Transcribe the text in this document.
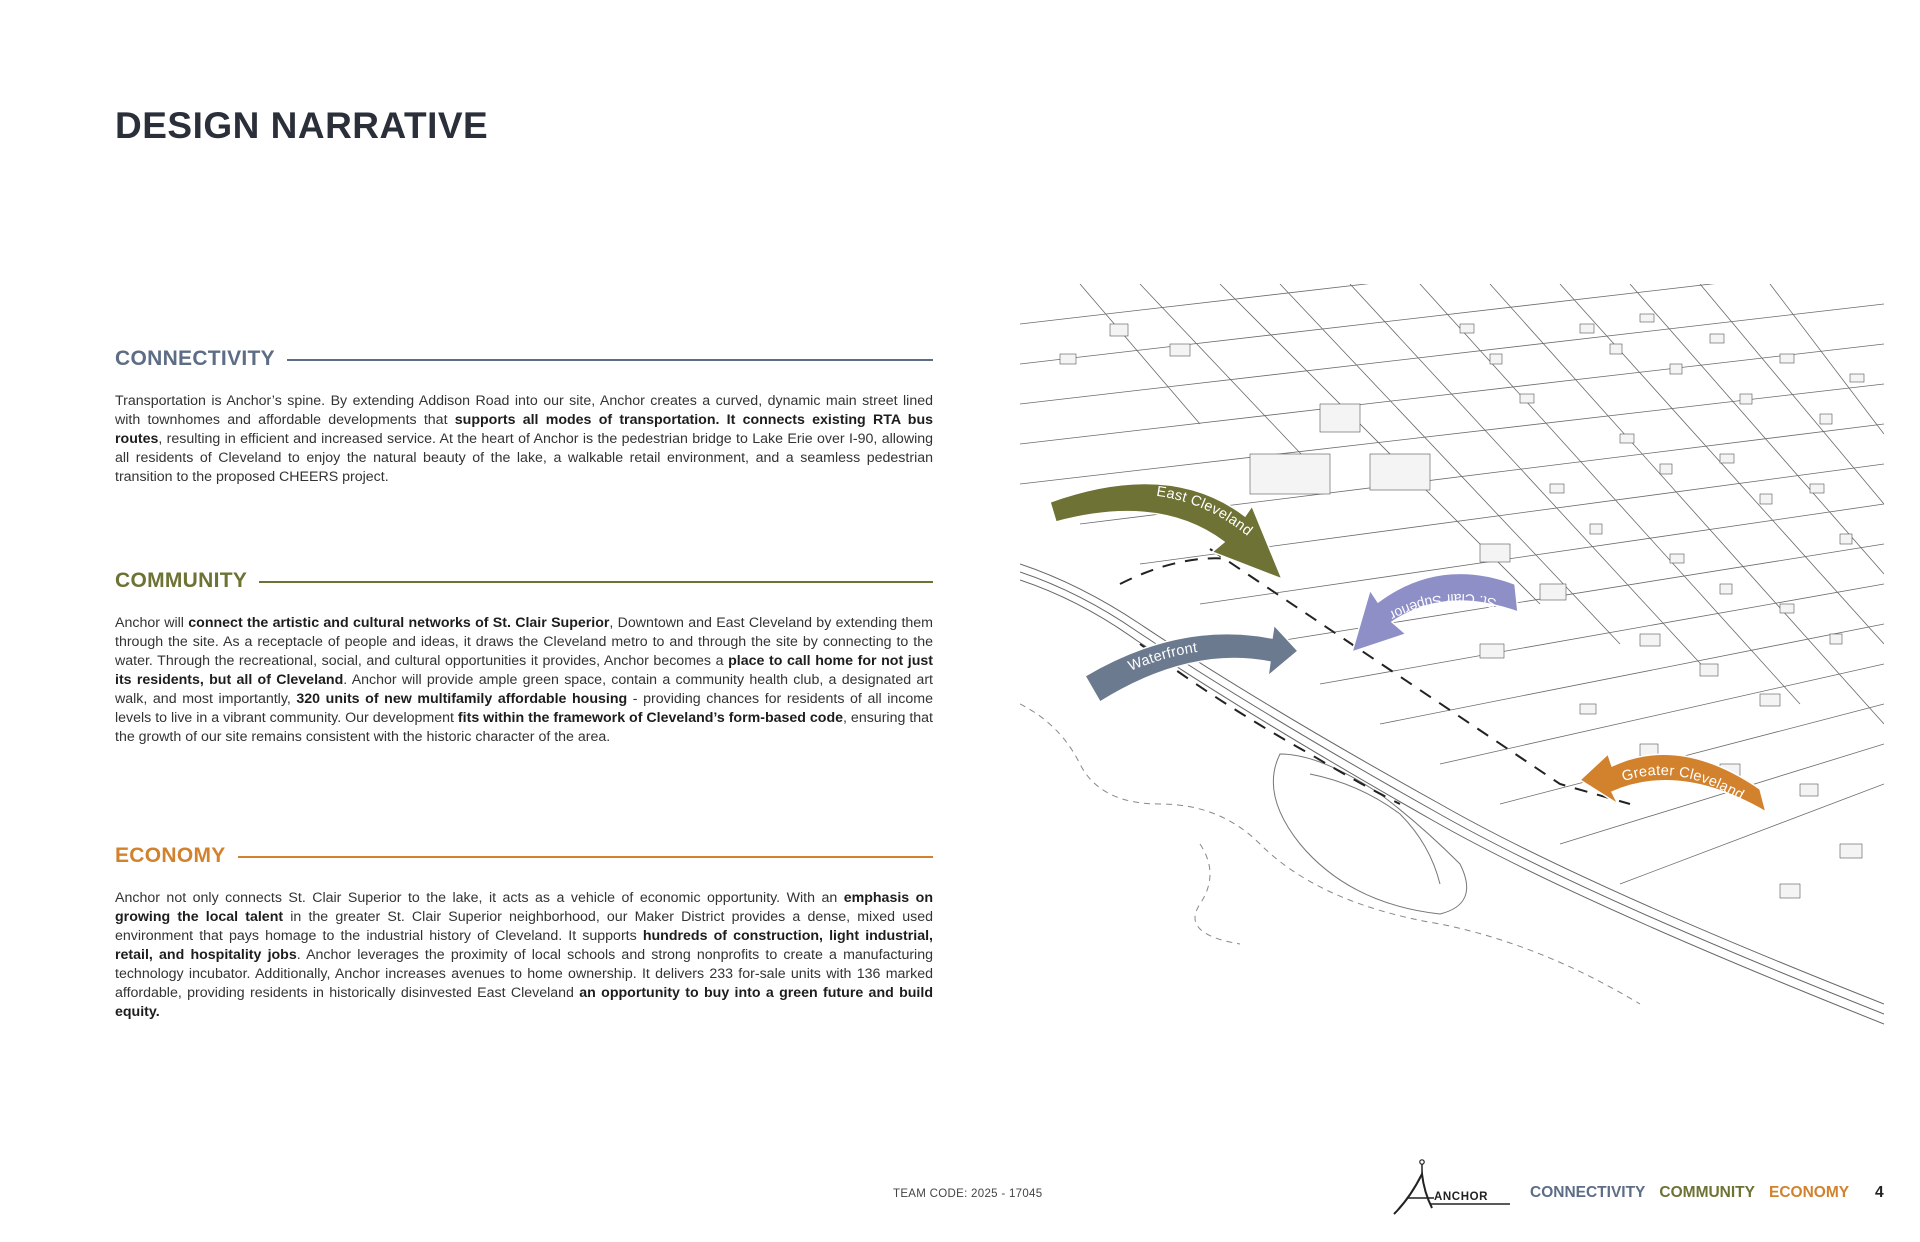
DESIGN NARRATIVE
CONNECTIVITY

Transportation is Anchor’s spine. By extending Addison Road into our site, Anchor creates a curved, dynamic main street lined with townhomes and affordable developments that supports all modes of transportation. It connects existing RTA bus routes, resulting in efficient and increased service. At the heart of Anchor is the pedestrian bridge to Lake Erie over I-90, allowing all residents of Cleveland to enjoy the natural beauty of the lake, a walkable retail environment, and a seamless pedestrian transition to the proposed CHEERS project.

COMMUNITY

Anchor will connect the artistic and cultural networks of St. Clair Superior, Downtown and East Cleveland by extending them through the site. As a receptacle of people and ideas, it draws the Cleveland metro to and through the site by connecting to the water. Through the recreational, social, and cultural opportunities it provides, Anchor becomes a place to call home for not just its residents, but all of Cleveland. Anchor will provide ample green space, contain a community health club, a designated art walk, and most importantly, 320 units of new multifamily affordable housing - providing chances for residents of all income levels to live in a vibrant community. Our development fits within the framework of Cleveland’s form-based code, ensuring that the growth of our site remains consistent with the historic character of the area.

ECONOMY

Anchor not only connects St. Clair Superior to the lake, it acts as a vehicle of economic opportunity. With an emphasis on growing the local talent in the greater St. Clair Superior neighborhood, our Maker District provides a dense, mixed used environment that pays homage to the industrial history of Cleveland. It supports hundreds of construction, light industrial, retail, and hospitality jobs. Anchor leverages the proximity of local schools and strong nonprofits to create a manufacturing technology incubator. Additionally, Anchor increases avenues to home ownership. It delivers 233 for-sale units with 136 marked affordable, providing residents in historically disinvested East Cleveland an opportunity to buy into a green future and build equity.

East Cleveland
St. Clair Superior
Waterfront
Greater Cleveland
TEAM CODE: 2025 - 17045	ANCHOR	CONNECTIVITY COMMUNITY ECONOMY 4
